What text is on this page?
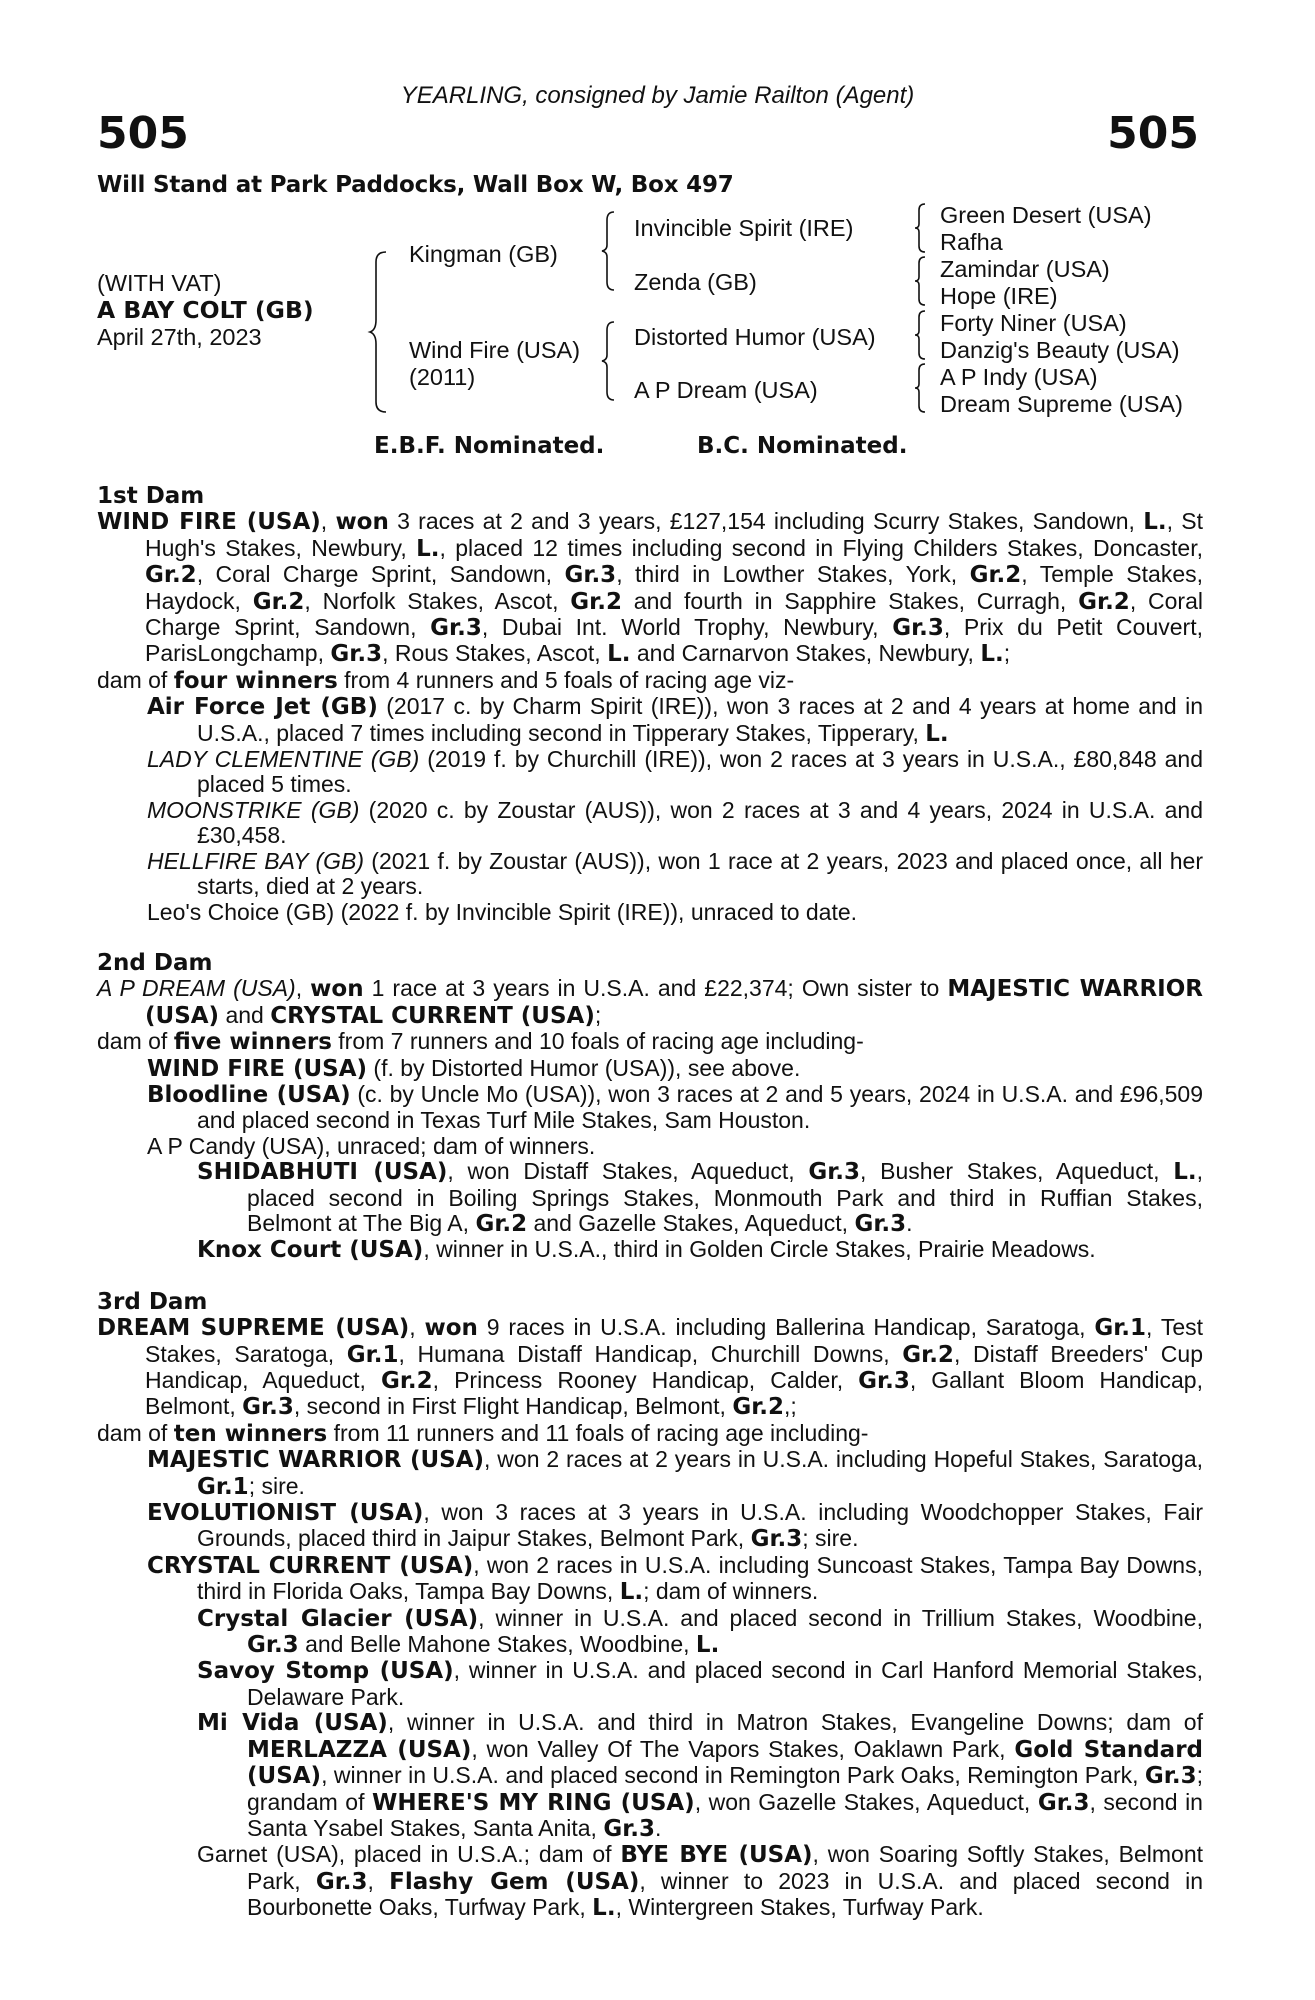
YEARLING, consigned by Jamie Railton (Agent)
505	505
Will Stand at Park Paddocks, Wall Box W, Box 497
(WITH VAT)
A BAY COLT (GB)
April 27th, 2023
Kingman (GB)
Wind Fire (USA)
(2011)
Invincible Spirit (IRE)
Zenda (GB)
Distorted Humor (USA)
A P Dream (USA)
Green Desert (USA)
Rafha
Zamindar (USA)
Hope (IRE)
Forty Niner (USA)
Danzig's Beauty (USA)
A P Indy (USA)
Dream Supreme (USA)
E.B.F. Nominated.	B.C. Nominated.
1st Dam

WIND FIRE (USA), won 3 races at 2 and 3 years, £127,154 including Scurry Stakes, Sandown, L., St Hugh's Stakes, Newbury, L., placed 12 times including second in Flying Childers Stakes, Doncaster, Gr.2, Coral Charge Sprint, Sandown, Gr.3, third in Lowther Stakes, York, Gr.2, Temple Stakes, Haydock, Gr.2, Norfolk Stakes, Ascot, Gr.2 and fourth in Sapphire Stakes, Curragh, Gr.2, Coral Charge Sprint, Sandown, Gr.3, Dubai Int. World Trophy, Newbury, Gr.3, Prix du Petit Couvert, ParisLongchamp, Gr.3, Rous Stakes, Ascot, L. and Carnarvon Stakes, Newbury, L.;

dam of four winners from 4 runners and 5 foals of racing age viz-

Air Force Jet (GB) (2017 c. by Charm Spirit (IRE)), won 3 races at 2 and 4 years at home and in U.S.A., placed 7 times including second in Tipperary Stakes, Tipperary, L.

LADY CLEMENTINE (GB) (2019 f. by Churchill (IRE)), won 2 races at 3 years in U.S.A., £80,848 and placed 5 times.

MOONSTRIKE (GB) (2020 c. by Zoustar (AUS)), won 2 races at 3 and 4 years, 2024 in U.S.A. and £30,458.

HELLFIRE BAY (GB) (2021 f. by Zoustar (AUS)), won 1 race at 2 years, 2023 and placed once, all her starts, died at 2 years.

Leo's Choice (GB) (2022 f. by Invincible Spirit (IRE)), unraced to date.

2nd Dam

A P DREAM (USA), won 1 race at 3 years in U.S.A. and £22,374; Own sister to MAJESTIC WARRIOR (USA) and CRYSTAL CURRENT (USA);

dam of five winners from 7 runners and 10 foals of racing age including-

WIND FIRE (USA) (f. by Distorted Humor (USA)), see above.

Bloodline (USA) (c. by Uncle Mo (USA)), won 3 races at 2 and 5 years, 2024 in U.S.A. and £96,509 and placed second in Texas Turf Mile Stakes, Sam Houston.

A P Candy (USA), unraced; dam of winners.

SHIDABHUTI (USA), won Distaff Stakes, Aqueduct, Gr.3, Busher Stakes, Aqueduct, L., placed second in Boiling Springs Stakes, Monmouth Park and third in Ruffian Stakes, Belmont at The Big A, Gr.2 and Gazelle Stakes, Aqueduct, Gr.3.

Knox Court (USA), winner in U.S.A., third in Golden Circle Stakes, Prairie Meadows.

3rd Dam

DREAM SUPREME (USA), won 9 races in U.S.A. including Ballerina Handicap, Saratoga, Gr.1, Test Stakes, Saratoga, Gr.1, Humana Distaff Handicap, Churchill Downs, Gr.2, Distaff Breeders' Cup Handicap, Aqueduct, Gr.2, Princess Rooney Handicap, Calder, Gr.3, Gallant Bloom Handicap, Belmont, Gr.3, second in First Flight Handicap, Belmont, Gr.2,;

dam of ten winners from 11 runners and 11 foals of racing age including-

MAJESTIC WARRIOR (USA), won 2 races at 2 years in U.S.A. including Hopeful Stakes, Saratoga, Gr.1; sire.

EVOLUTIONIST (USA), won 3 races at 3 years in U.S.A. including Woodchopper Stakes, Fair Grounds, placed third in Jaipur Stakes, Belmont Park, Gr.3; sire.

CRYSTAL CURRENT (USA), won 2 races in U.S.A. including Suncoast Stakes, Tampa Bay Downs, third in Florida Oaks, Tampa Bay Downs, L.; dam of winners.

Crystal Glacier (USA), winner in U.S.A. and placed second in Trillium Stakes, Woodbine, Gr.3 and Belle Mahone Stakes, Woodbine, L.

Savoy Stomp (USA), winner in U.S.A. and placed second in Carl Hanford Memorial Stakes, Delaware Park.

Mi Vida (USA), winner in U.S.A. and third in Matron Stakes, Evangeline Downs; dam of MERLAZZA (USA), won Valley Of The Vapors Stakes, Oaklawn Park, Gold Standard (USA), winner in U.S.A. and placed second in Remington Park Oaks, Remington Park, Gr.3; grandam of WHERE'S MY RING (USA), won Gazelle Stakes, Aqueduct, Gr.3, second in Santa Ysabel Stakes, Santa Anita, Gr.3.

Garnet (USA), placed in U.S.A.; dam of BYE BYE (USA), won Soaring Softly Stakes, Belmont Park, Gr.3, Flashy Gem (USA), winner to 2023 in U.S.A. and placed second in Bourbonette Oaks, Turfway Park, L., Wintergreen Stakes, Turfway Park.
